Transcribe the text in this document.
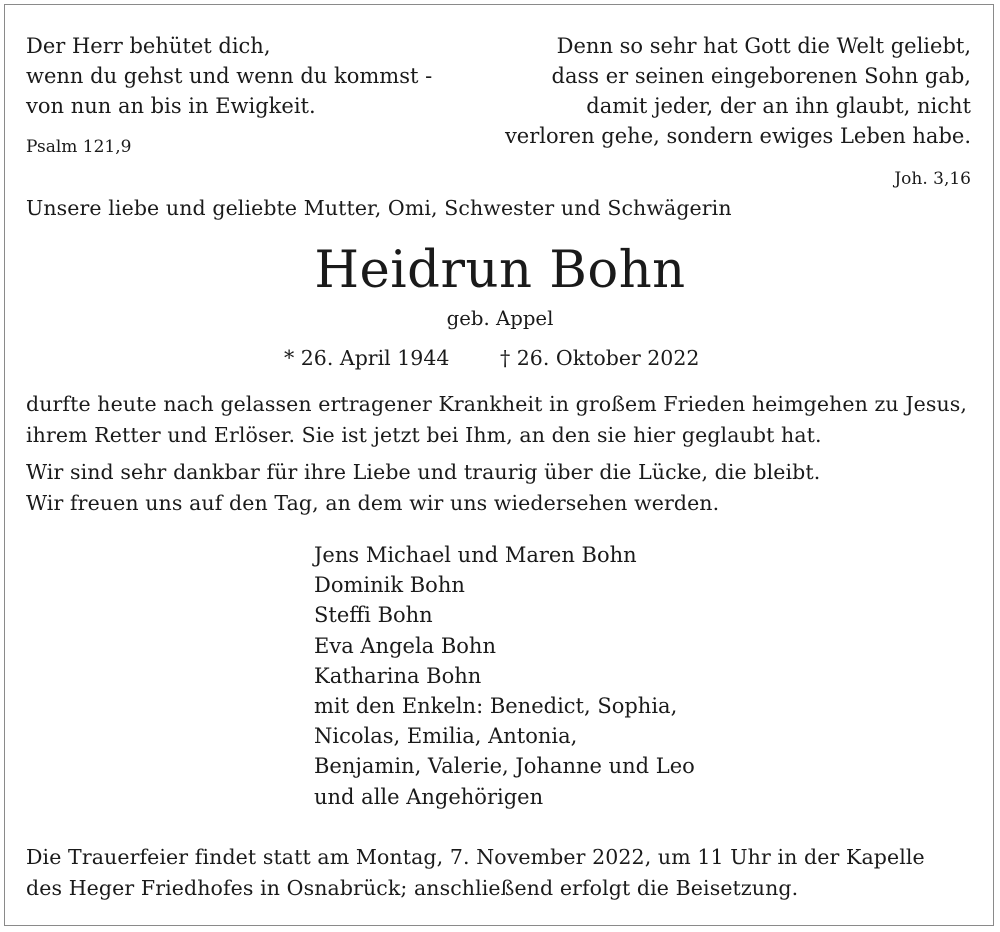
Der Herr behütet dich,
wenn du gehst und wenn du kommst -
von nun an bis in Ewigkeit.
Psalm 121,9
Denn so sehr hat Gott die Welt geliebt,
dass er seinen eingeborenen Sohn gab,
damit jeder, der an ihn glaubt, nicht
verloren gehe, sondern ewiges Leben habe.
Joh. 3,16
Unsere liebe und geliebte Mutter, Omi, Schwester und Schwägerin
Heidrun Bohn
geb. Appel
* 26. April 1944 † 26. Oktober 2022
durfte heute nach gelassen ertragener Krankheit in großem Frieden heimgehen zu Jesus,
ihrem Retter und Erlöser. Sie ist jetzt bei Ihm, an den sie hier geglaubt hat.
Wir sind sehr dankbar für ihre Liebe und traurig über die Lücke, die bleibt.
Wir freuen uns auf den Tag, an dem wir uns wiedersehen werden.
Jens Michael und Maren Bohn
Dominik Bohn
Steffi Bohn
Eva Angela Bohn
Katharina Bohn
mit den Enkeln: Benedict, Sophia,
Nicolas, Emilia, Antonia,
Benjamin, Valerie, Johanne und Leo
und alle Angehörigen
Die Trauerfeier findet statt am Montag, 7. November 2022, um 11 Uhr in der Kapelle
des Heger Friedhofes in Osnabrück; anschließend erfolgt die Beisetzung.
